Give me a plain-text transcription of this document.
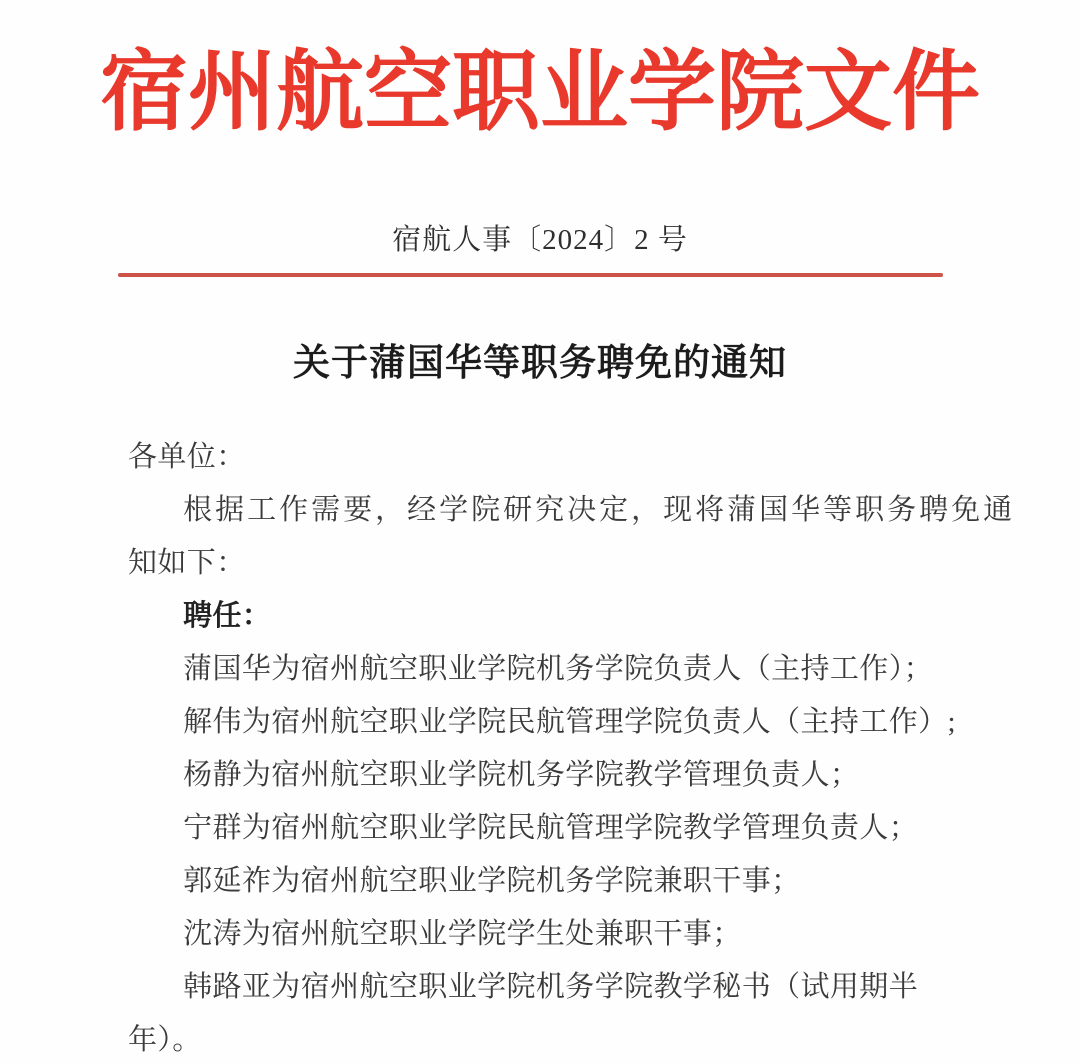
宿州航空职业学院文件
宿航人事〔2024〕2 号
关于蒲国华等职务聘免的通知
各单位：
根据工作需要，经学院研究决定，现将蒲国华等职务聘免通
知如下：
聘任：
蒲国华为宿州航空职业学院机务学院负责人（主持工作）；
解伟为宿州航空职业学院民航管理学院负责人（主持工作）;
杨静为宿州航空职业学院机务学院教学管理负责人；
宁群为宿州航空职业学院民航管理学院教学管理负责人；
郭延祚为宿州航空职业学院机务学院兼职干事；
沈涛为宿州航空职业学院学生处兼职干事；
韩路亚为宿州航空职业学院机务学院教学秘书（试用期半
年）。
